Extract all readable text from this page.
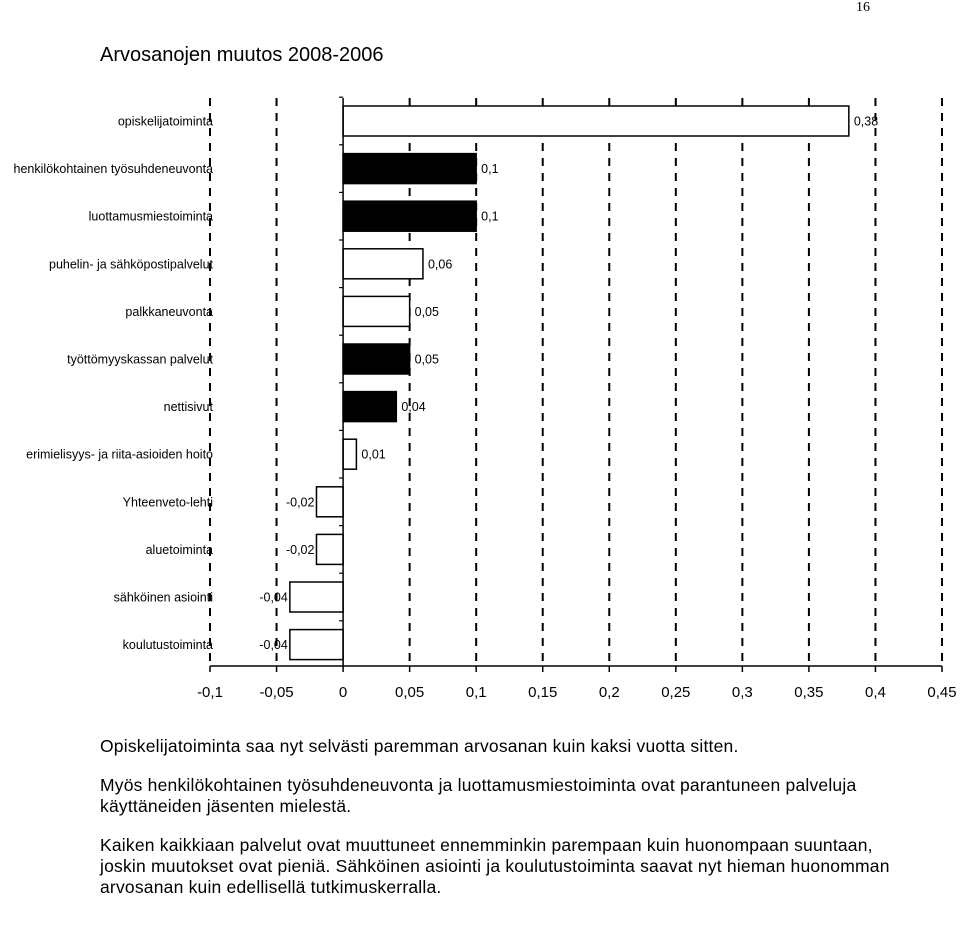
16
Arvosanojen muutos 2008-2006
opiskelijatoiminta	0,38
henkilökohtainen työsuhdeneuvonta	0,1
luottamusmiestoiminta	0,1
puhelin- ja sähköpostipalvelut	0,06
palkkaneuvonta	0,05
työttömyyskassan palvelut	0,05
nettisivut	0,04
erimielisyys- ja riita-asioiden hoito	0,01
Yhteenveto-lehti	-0,02
aluetoiminta	-0,02
sähköinen asiointi	-0,04
koulutustoiminta	-0,04
-0,1 -0,05	0	0,05	0,1	0,15	0,2	0,25	0,3	0,35	0,4	0,45

Opiskelijatoiminta saa nyt selvästi paremman arvosanan kuin kaksi vuotta sitten.

Myös henkilökohtainen työsuhdeneuvonta ja luottamusmiestoiminta ovat parantuneen palveluja käyttäneiden jäsenten mielestä.

Kaiken kaikkiaan palvelut ovat muuttuneet ennemminkin parempaan kuin huonompaan suuntaan, joskin muutokset ovat pieniä. Sähköinen asiointi ja koulutustoiminta saavat nyt hieman huonomman arvosanan kuin edellisellä tutkimuskerralla.
